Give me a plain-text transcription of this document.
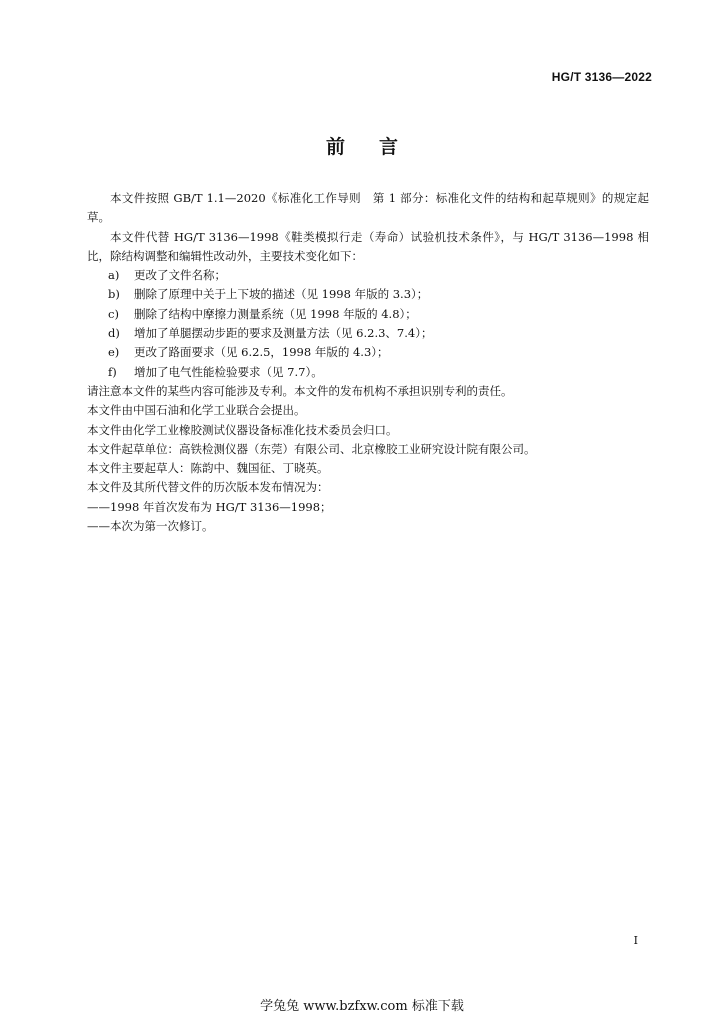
HG/T 3136—2022
前言

本文件按照 GB/T 1.1—2020《标准化工作导则　第 1 部分：标准化文件的结构和起草规则》的规定起草。

本文件代替 HG/T 3136—1998《鞋类模拟行走（寿命）试验机技术条件》，与 HG/T 3136—1998 相比，除结构调整和编辑性改动外，主要技术变化如下：

a) 更改了文件名称；

b) 删除了原理中关于上下坡的描述（见 1998 年版的 3.3）；

c) 删除了结构中摩擦力测量系统（见 1998 年版的 4.8）；

d) 增加了单腿摆动步距的要求及测量方法（见 6.2.3、7.4）；

e) 更改了路面要求（见 6.2.5，1998 年版的 4.3）；

f) 增加了电气性能检验要求（见 7.7）。

请注意本文件的某些内容可能涉及专利。本文件的发布机构不承担识别专利的责任。

本文件由中国石油和化学工业联合会提出。

本文件由化学工业橡胶测试仪器设备标准化技术委员会归口。

本文件起草单位：高铁检测仪器（东莞）有限公司、北京橡胶工业研究设计院有限公司。

本文件主要起草人：陈韵中、魏国征、丁晓英。

本文件及其所代替文件的历次版本发布情况为：

——1998 年首次发布为 HG/T 3136—1998；

——本次为第一次修订。

I
学兔兔 www.bzfxw.com 标准下载
